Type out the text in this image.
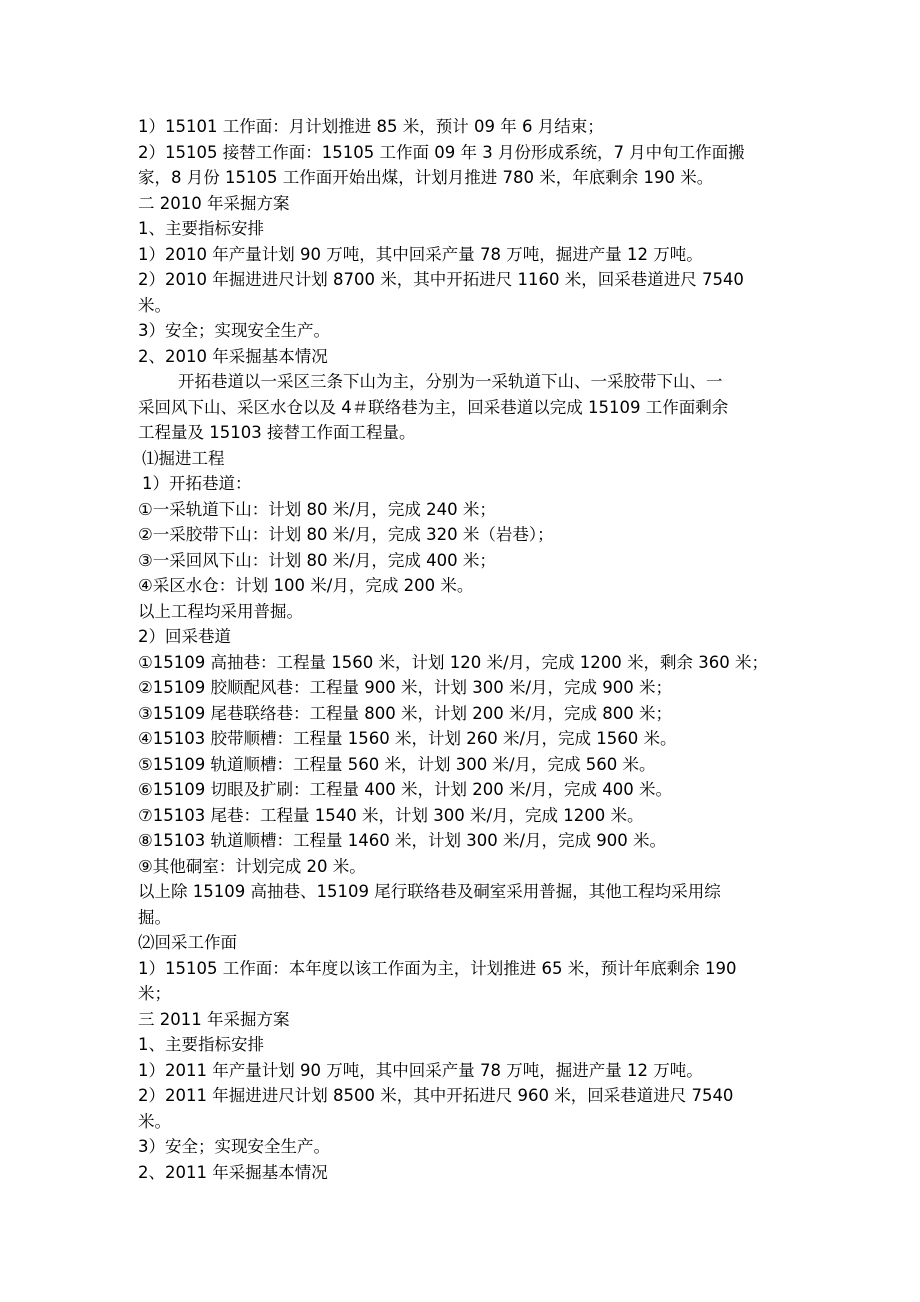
1）15101 工作面：月计划推进 85 米，预计 09 年 6 月结束；
2）15105 接替工作面：15105 工作面 09 年 3 月份形成系统，7 月中旬工作面搬
家，8 月份 15105 工作面开始出煤，计划月推进 780 米，年底剩余 190 米。
二 2010 年采掘方案
1、主要指标安排
1）2010 年产量计划 90 万吨，其中回采产量 78 万吨，掘进产量 12 万吨。
2）2010 年掘进进尺计划 8700 米，其中开拓进尺 1160 米，回采巷道进尺 7540
米。
3）安全；实现安全生产。
2、2010 年采掘基本情况
开拓巷道以一采区三条下山为主，分别为一采轨道下山、一采胶带下山、一
采回风下山、采区水仓以及 4＃联络巷为主，回采巷道以完成 15109 工作面剩余
工程量及 15103 接替工作面工程量。
⑴掘进工程
1）开拓巷道：
①一采轨道下山：计划 80 米/月，完成 240 米；
②一采胶带下山：计划 80 米/月，完成 320 米（岩巷）；
③一采回风下山：计划 80 米/月，完成 400 米；
④采区水仓：计划 100 米/月，完成 200 米。
以上工程均采用普掘。
2）回采巷道
①15109 高抽巷：工程量 1560 米，计划 120 米/月，完成 1200 米，剩余 360 米；
②15109 胶顺配风巷：工程量 900 米，计划 300 米/月，完成 900 米；
③15109 尾巷联络巷：工程量 800 米，计划 200 米/月，完成 800 米；
④15103 胶带顺槽：工程量 1560 米，计划 260 米/月，完成 1560 米。
⑤15109 轨道顺槽：工程量 560 米，计划 300 米/月，完成 560 米。
⑥15109 切眼及扩刷：工程量 400 米，计划 200 米/月，完成 400 米。
⑦15103 尾巷：工程量 1540 米，计划 300 米/月，完成 1200 米。
⑧15103 轨道顺槽：工程量 1460 米，计划 300 米/月，完成 900 米。
⑨其他硐室：计划完成 20 米。
以上除 15109 高抽巷、15109 尾行联络巷及硐室采用普掘，其他工程均采用综
掘。
⑵回采工作面
1）15105 工作面：本年度以该工作面为主，计划推进 65 米，预计年底剩余 190
米；
三 2011 年采掘方案
1、主要指标安排
1）2011 年产量计划 90 万吨，其中回采产量 78 万吨，掘进产量 12 万吨。
2）2011 年掘进进尺计划 8500 米，其中开拓进尺 960 米，回采巷道进尺 7540
米。
3）安全；实现安全生产。
2、2011 年采掘基本情况
